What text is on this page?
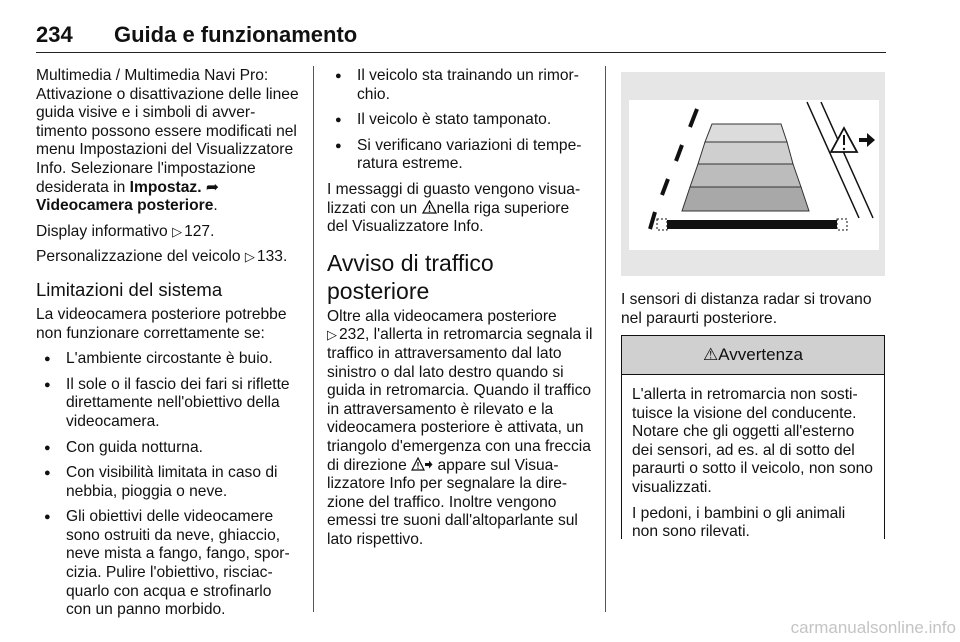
234 Guida e funzionamento

Multimedia / Multimedia Navi Pro: Attivazione o disattivazione delle linee guida visive e i simboli di avvertimento possono essere modificati nel menu Impostazioni del Visualizzatore Info. Selezionare l'impostazione desiderata in Impostaz. ➦
Videocamera posteriore.

Display informativo ▷ 127.

Personalizzazione del veicolo ▷ 133.

Limitazioni del sistema

La videocamera posteriore potrebbe non funzionare correttamente se:

● L'ambiente circostante è buio.
● Il sole o il fascio dei fari si riflette direttamente nell'obiettivo della videocamera.
● Con guida notturna.
● Con visibilità limitata in caso di nebbia, pioggia o neve.
● Gli obiettivi delle videocamere sono ostruiti da neve, ghiaccio, neve mista a fango, fango, sporcizia. Pulire l'obiettivo, risciacquarlo con acqua e strofinarlo con un panno morbido.
● Il veicolo sta trainando un rimorchio.
● Il veicolo è stato tamponato.
● Si verificano variazioni di temperatura estreme.

I messaggi di guasto vengono visualizzati con un nella riga superiore del Visualizzatore Info.

Avviso di traffico posteriore

Oltre alla videocamera posteriore
▷ 232, l'allerta in retromarcia segnala il traffico in attraversamento dal lato sinistro o dal lato destro quando si guida in retromarcia. Quando il traffico in attraversamento è rilevato e la videocamera posteriore è attivata, un triangolo d'emergenza con una freccia di direzione appare sul Visualizzatore Info per segnalare la direzione del traffico. Inoltre vengono emessi tre suoni dall'altoparlante sul lato rispettivo.

I sensori di distanza radar si trovano nel paraurti posteriore.

⚠Avvertenza

L'allerta in retromarcia non sostituisce la visione del conducente. Notare che gli oggetti all'esterno dei sensori, ad es. al di sotto del paraurti o sotto il veicolo, non sono visualizzati.

I pedoni, i bambini o gli animali non sono rilevati.

carmanualsonline.info
